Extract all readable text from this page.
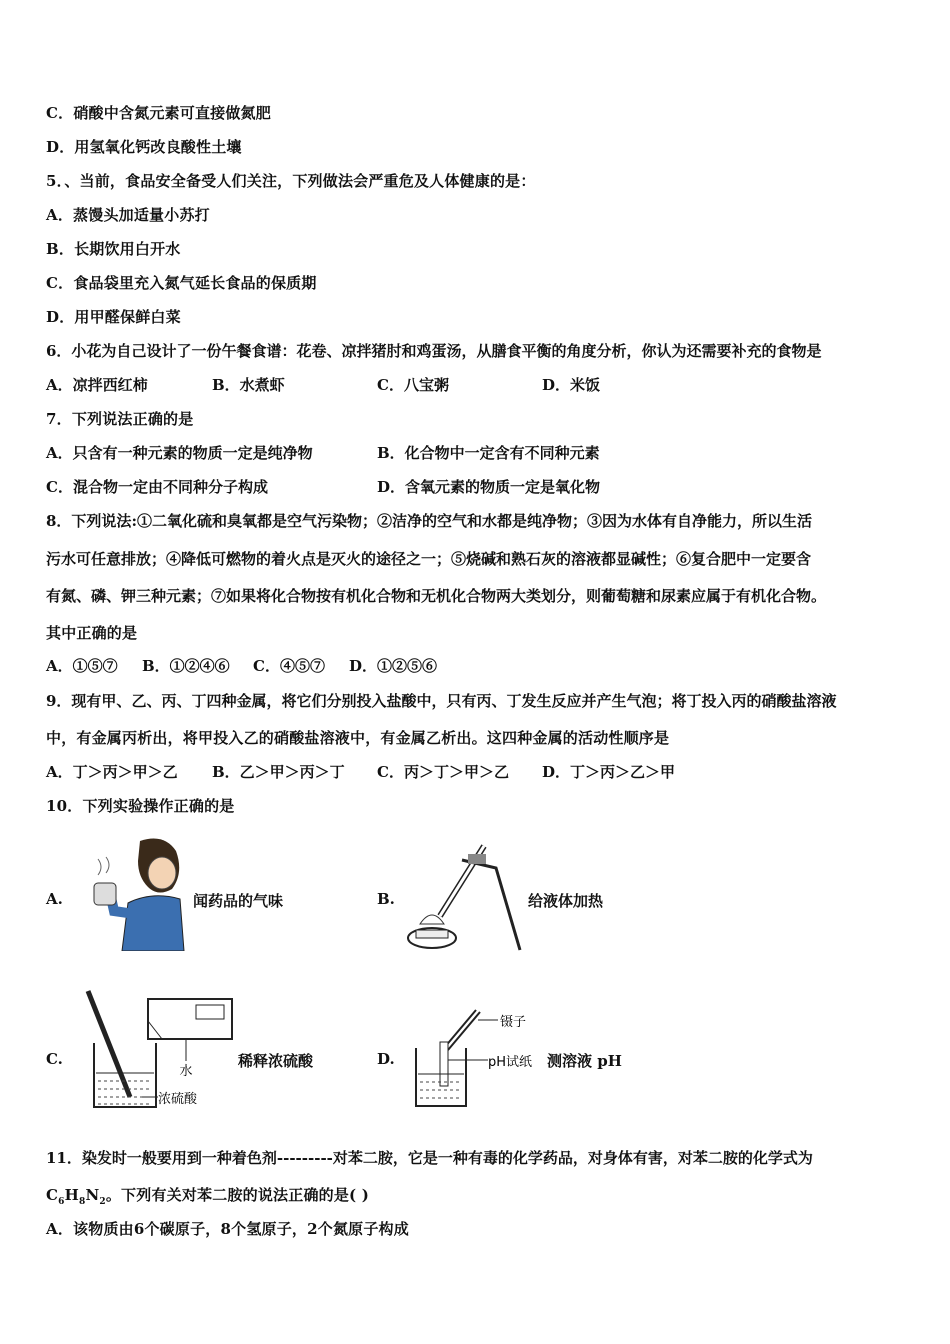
C．硝酸中含氮元素可直接做氮肥
D．用氢氧化钙改良酸性土壤
5．、当前，食品安全备受人们关注，下列做法会严重危及人体健康的是：
A．蒸馒头加适量小苏打
B．长期饮用白开水
C．食品袋里充入氮气延长食品的保质期
D．用甲醛保鲜白菜
6．小花为自己设计了一份午餐食谱：花卷、凉拌猪肘和鸡蛋汤，从膳食平衡的角度分析，你认为还需要补充的食物是
A．凉拌西红柿	B．水煮虾	C．八宝粥	D．米饭
7．下列说法正确的是
A．只含有一种元素的物质一定是纯净物	B．化合物中一定含有不同种元素
C．混合物一定由不同种分子构成	D．含氧元素的物质一定是氧化物
8．下列说法:①二氧化硫和臭氧都是空气污染物；②洁净的空气和水都是纯净物；③因为水体有自净能力，所以生活
污水可任意排放；④降低可燃物的着火点是灭火的途径之一；⑤烧碱和熟石灰的溶液都显碱性；⑥复合肥中一定要含
有氮、磷、钾三种元素；⑦如果将化合物按有机化合物和无机化合物两大类划分，则葡萄糖和尿素应属于有机化合物。
其中正确的是
A．①⑤⑦ B．①②④⑥ C．④⑤⑦ D．①②⑤⑥
9．现有甲、乙、丙、丁四种金属，将它们分别投入盐酸中，只有丙、丁发生反应并产生气泡；将丁投入丙的硝酸盐溶液
中，有金属丙析出，将甲投入乙的硝酸盐溶液中，有金属乙析出。这四种金属的活动性顺序是
A．丁＞丙＞甲＞乙 B．乙＞甲＞丙＞丁 C．丙＞丁＞甲＞乙 D．丁＞丙＞乙＞甲
10．下列实验操作正确的是
A.	闻药品的气味	B.	给液体加热
C.
水
浓硫酸
稀释浓硫酸	D.
镊子
pH试纸 测溶液 pH
11．染发时一般要用到一种着色剂---------对苯二胺，它是一种有毒的化学药品，对身体有害，对苯二胺的化学式为
$C_6H_8N_2$。下列有关对苯二胺的说法正确的是( )
A．该物质由6个碳原子，8个氢原子，2个氮原子构成
